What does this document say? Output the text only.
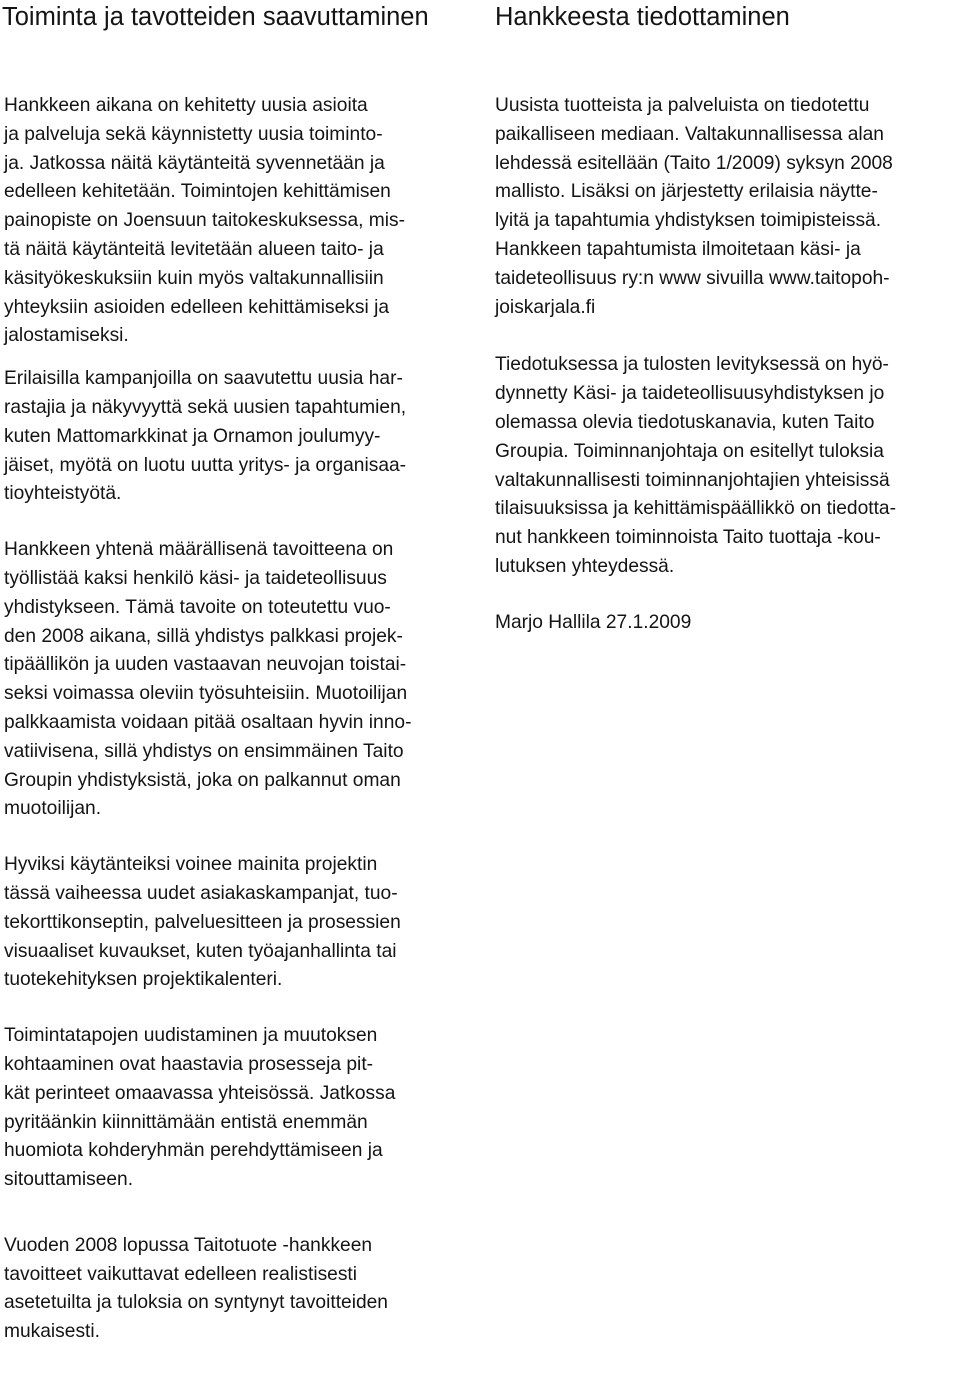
Toiminta ja tavotteiden saavuttaminen	Hankkeesta tiedottaminen

Hankkeen aikana on kehitetty uusia asioita
ja palveluja sekä käynnistetty uusia toiminto-
ja. Jatkossa näitä käytänteitä syvennetään ja
edelleen kehitetään. Toimintojen kehittämisen
painopiste on Joensuun taitokeskuksessa, mis-
tä näitä käytänteitä levitetään alueen taito- ja
käsityökeskuksiin kuin myös valtakunnallisiin
yhteyksiin asioiden edelleen kehittämiseksi ja
jalostamiseksi.

Erilaisilla kampanjoilla on saavutettu uusia har-
rastajia ja näkyvyyttä sekä uusien tapahtumien,
kuten Mattomarkkinat ja Ornamon joulumyy-
jäiset, myötä on luotu uutta yritys- ja organisaa-
tioyhteistyötä.

Hankkeen yhtenä määrällisenä tavoitteena on
työllistää kaksi henkilö käsi- ja taideteollisuus
yhdistykseen. Tämä tavoite on toteutettu vuo-
den 2008 aikana, sillä yhdistys palkkasi projek-
tipäällikön ja uuden vastaavan neuvojan toistai-
seksi voimassa oleviin työsuhteisiin. Muotoilijan
palkkaamista voidaan pitää osaltaan hyvin inno-
vatiivisena, sillä yhdistys on ensimmäinen Taito
Groupin yhdistyksistä, joka on palkannut oman
muotoilijan.

Hyviksi käytänteiksi voinee mainita projektin
tässä vaiheessa uudet asiakaskampanjat, tuo-
tekorttikonseptin, palveluesitteen ja prosessien
visuaaliset kuvaukset, kuten työajanhallinta tai
tuotekehityksen projektikalenteri.

Toimintatapojen uudistaminen ja muutoksen
kohtaaminen ovat haastavia prosesseja pit-
kät perinteet omaavassa yhteisössä. Jatkossa
pyritäänkin kiinnittämään entistä enemmän
huomiota kohderyhmän perehdyttämiseen ja
sitouttamiseen.

Vuoden 2008 lopussa Taitotuote -hankkeen
tavoitteet vaikuttavat edelleen realistisesti
asetetuilta ja tuloksia on syntynyt tavoitteiden
mukaisesti.

Uusista tuotteista ja palveluista on tiedotettu
paikalliseen mediaan. Valtakunnallisessa alan
lehdessä esitellään (Taito 1/2009) syksyn 2008
mallisto. Lisäksi on järjestetty erilaisia näytte-
lyitä ja tapahtumia yhdistyksen toimipisteissä.
Hankkeen tapahtumista ilmoitetaan käsi- ja
taideteollisuus ry:n www sivuilla www.taitopoh-
joiskarjala.fi

Tiedotuksessa ja tulosten levityksessä on hyö-
dynnetty Käsi- ja taideteollisuusyhdistyksen jo
olemassa olevia tiedotuskanavia, kuten Taito
Groupia. Toiminnanjohtaja on esitellyt tuloksia
valtakunnallisesti toiminnanjohtajien yhteisissä
tilaisuuksissa ja kehittämispäällikkö on tiedotta-
nut hankkeen toiminnoista Taito tuottaja -kou-
lutuksen yhteydessä.

Marjo Hallila 27.1.2009
